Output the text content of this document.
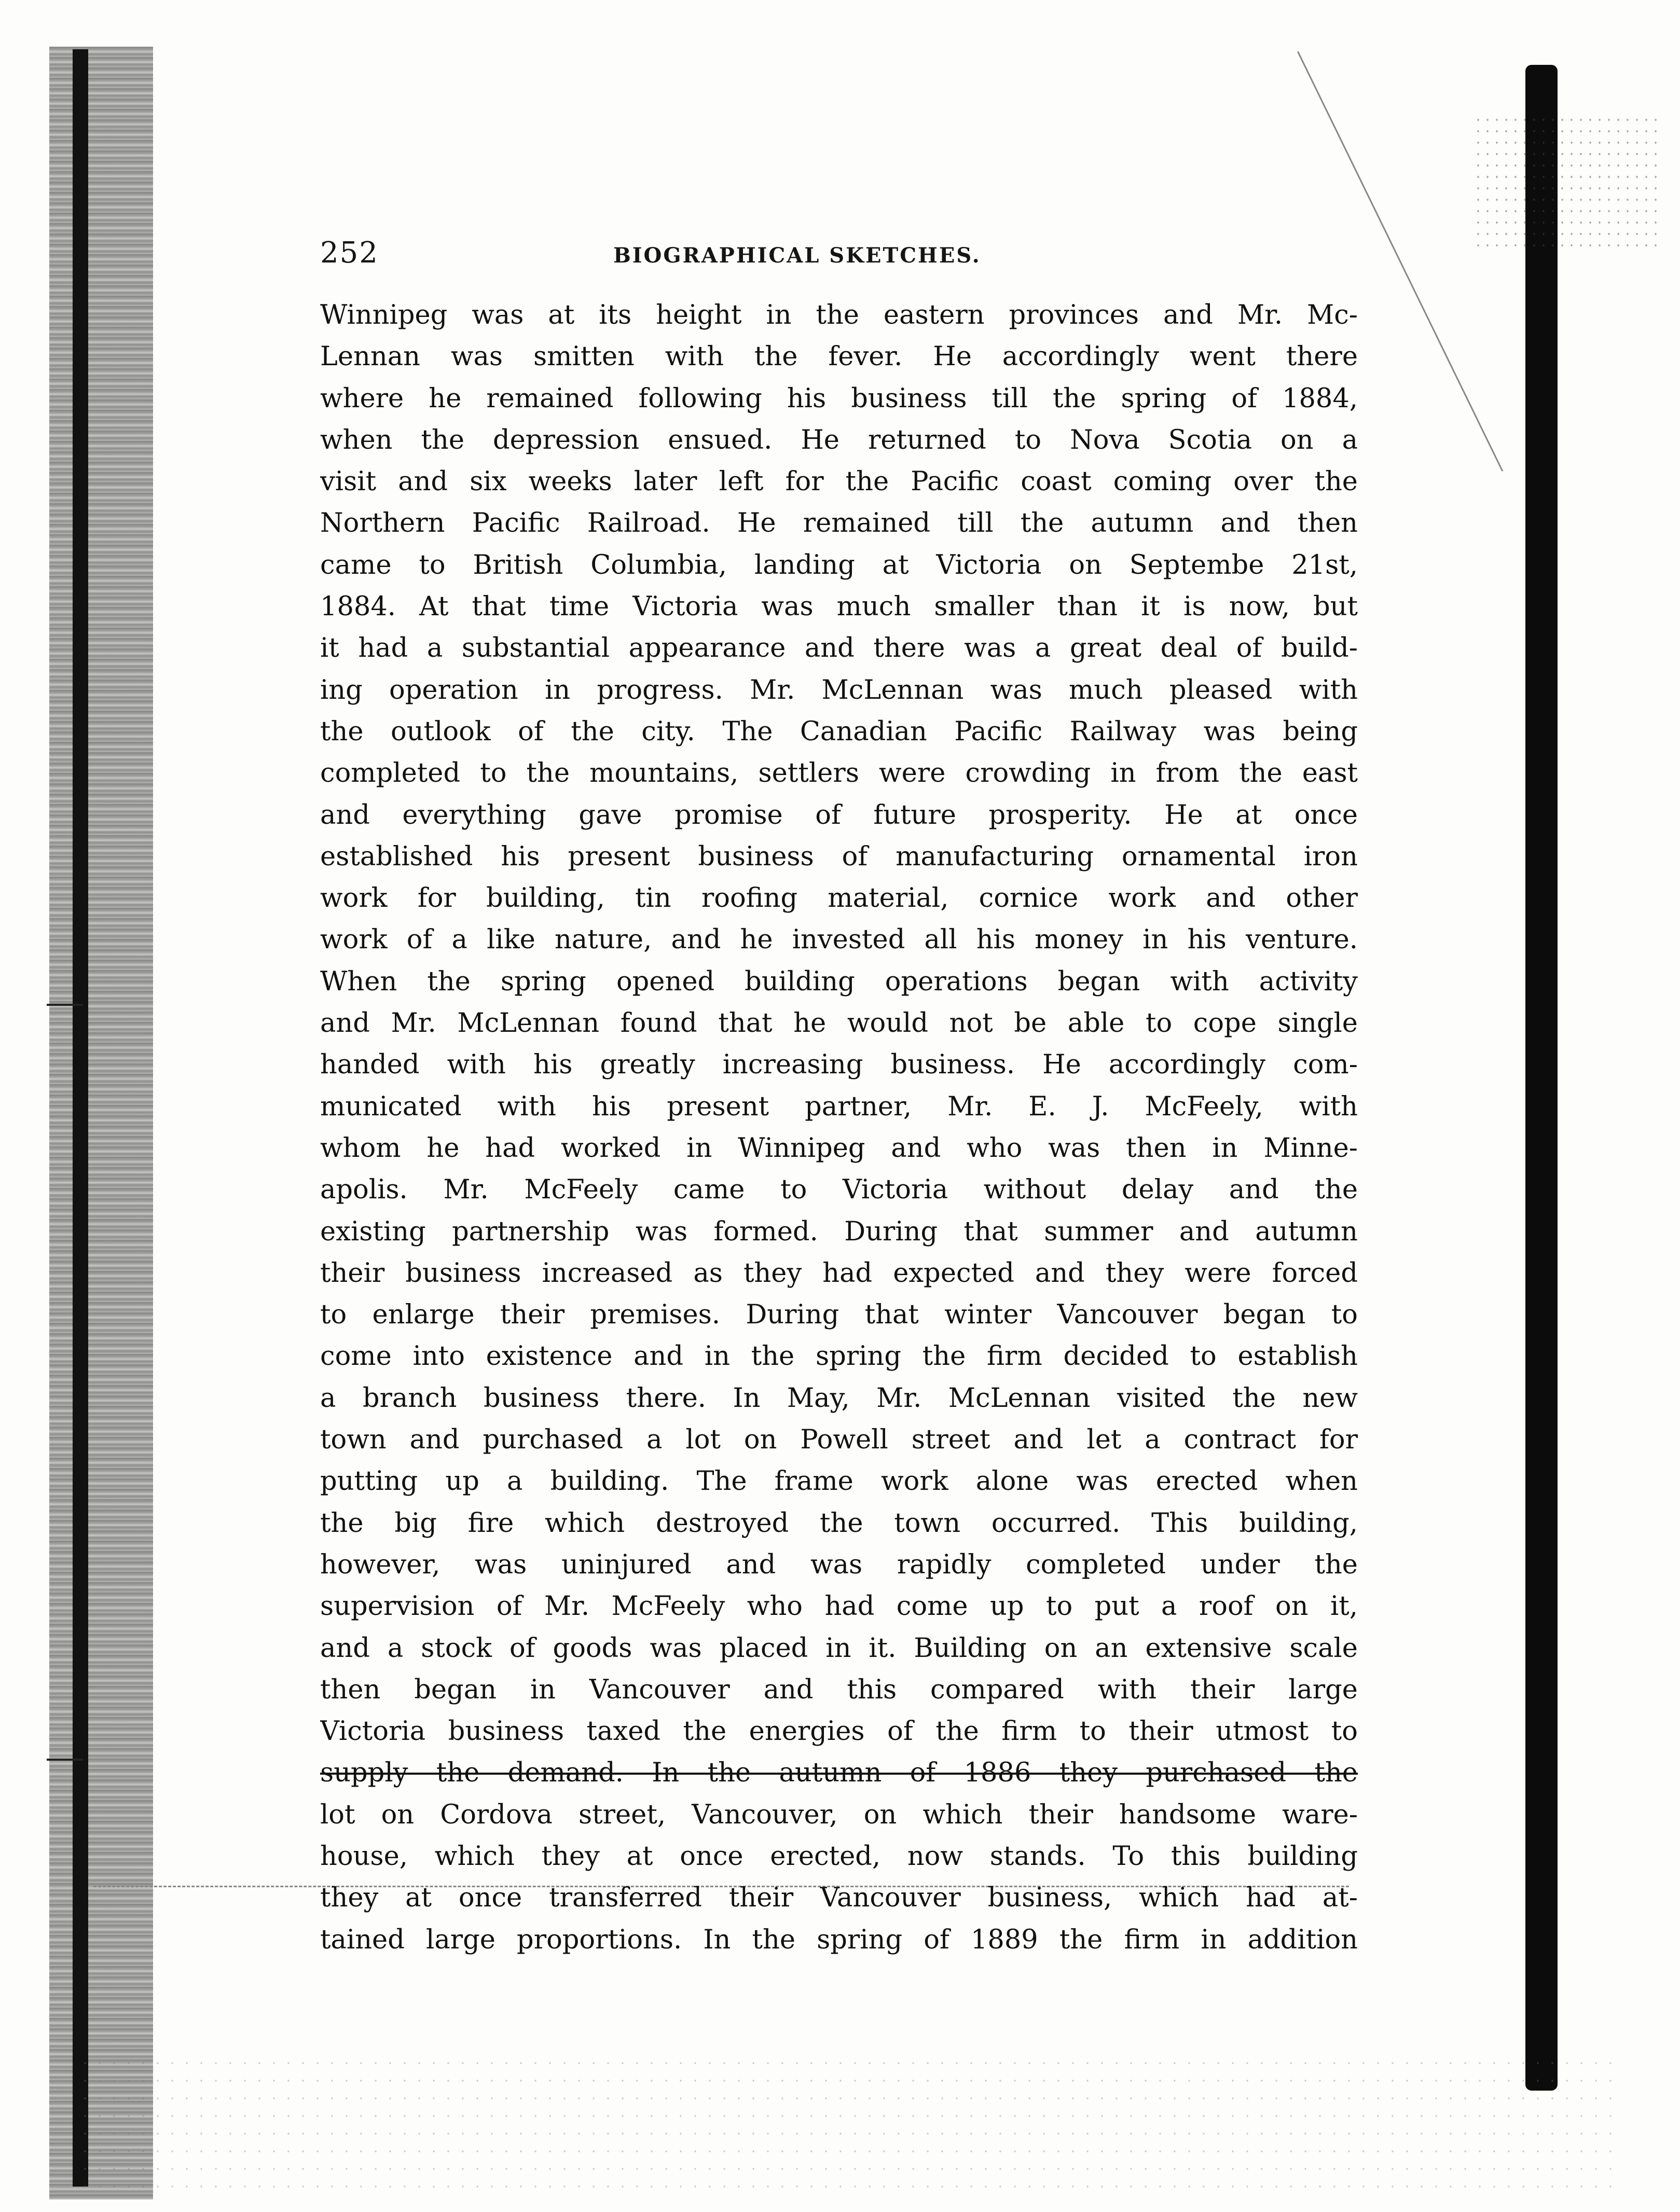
252	BIOGRAPHICAL SKETCHES.
Winnipeg was at its height in the eastern provinces and Mr. Mc-
Lennan was smitten with the fever. He accordingly went there
where he remained following his business till the spring of 1884,
when the depression ensued. He returned to Nova Scotia on a
visit and six weeks later left for the Pacific coast coming over the
Northern Pacific Railroad. He remained till the autumn and then
came to British Columbia, landing at Victoria on Septembe 21st,
1884. At that time Victoria was much smaller than it is now, but
it had a substantial appearance and there was a great deal of build-
ing operation in progress. Mr. McLennan was much pleased with
the outlook of the city. The Canadian Pacific Railway was being
completed to the mountains, settlers were crowding in from the east
and everything gave promise of future prosperity. He at once
established his present business of manufacturing ornamental iron
work for building, tin roofing material, cornice work and other
work of a like nature, and he invested all his money in his venture.
When the spring opened building operations began with activity
and Mr. McLennan found that he would not be able to cope single
handed with his greatly increasing business. He accordingly com-
municated with his present partner, Mr. E. J. McFeely, with
whom he had worked in Winnipeg and who was then in Minne-
apolis. Mr. McFeely came to Victoria without delay and the
existing partnership was formed. During that summer and autumn
their business increased as they had expected and they were forced
to enlarge their premises. During that winter Vancouver began to
come into existence and in the spring the firm decided to establish
a branch business there. In May, Mr. McLennan visited the new
town and purchased a lot on Powell street and let a contract for
putting up a building. The frame work alone was erected when
the big fire which destroyed the town occurred. This building,
however, was uninjured and was rapidly completed under the
supervision of Mr. McFeely who had come up to put a roof on it,
and a stock of goods was placed in it. Building on an extensive scale
then began in Vancouver and this compared with their large
Victoria business taxed the energies of the firm to their utmost to
supply the demand. In the autumn of 1886 they purchased the
lot on Cordova street, Vancouver, on which their handsome ware-
house, which they at once erected, now stands. To this building
they at once transferred their Vancouver business, which had at-
tained large proportions. In the spring of 1889 the firm in addition
